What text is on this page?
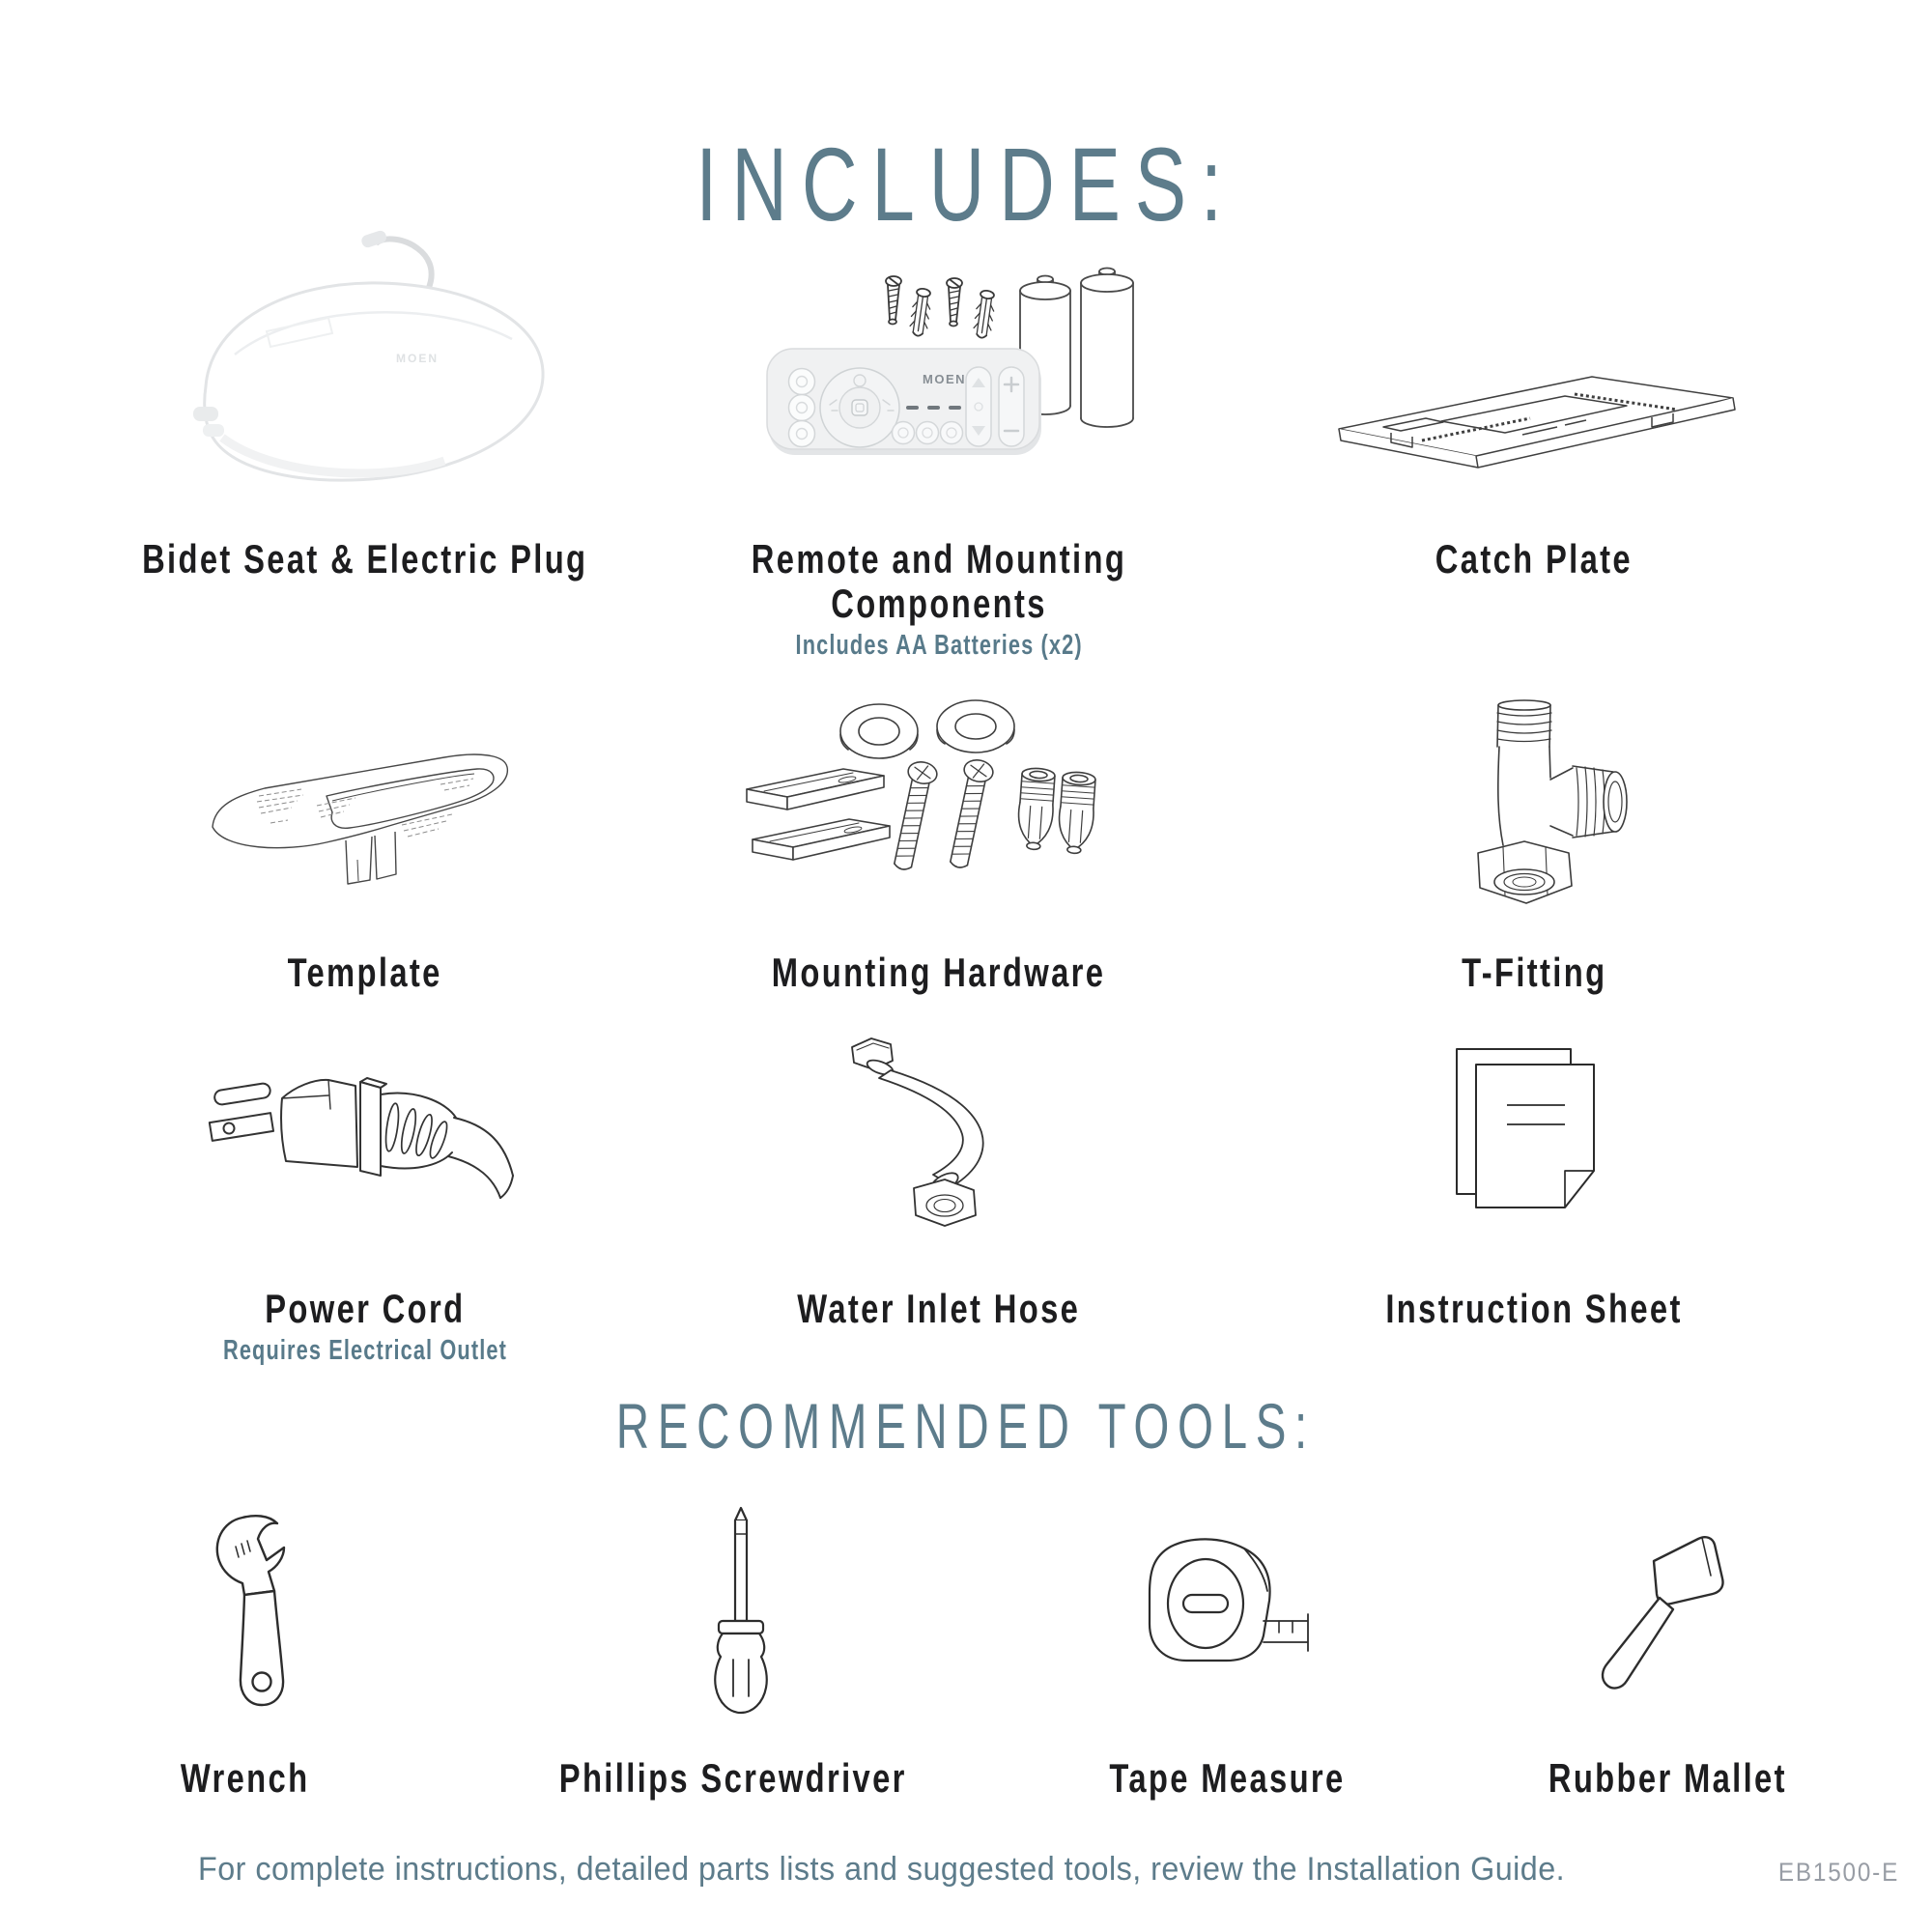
INCLUDES:
MOEN
MOEN
Bidet Seat & Electric Plug	Remote and Mounting Components
Includes AA Batteries (x2)
Catch Plate
Template	Mounting Hardware	T-Fitting
Power Cord
Requires Electrical Outlet
Water Inlet Hose	Instruction Sheet
RECOMMENDED TOOLS:
Wrench	Phillips Screwdriver	Tape Measure	Rubber Mallet
For complete instructions, detailed parts lists and suggested tools, review the Installation Guide.	EB1500-E
